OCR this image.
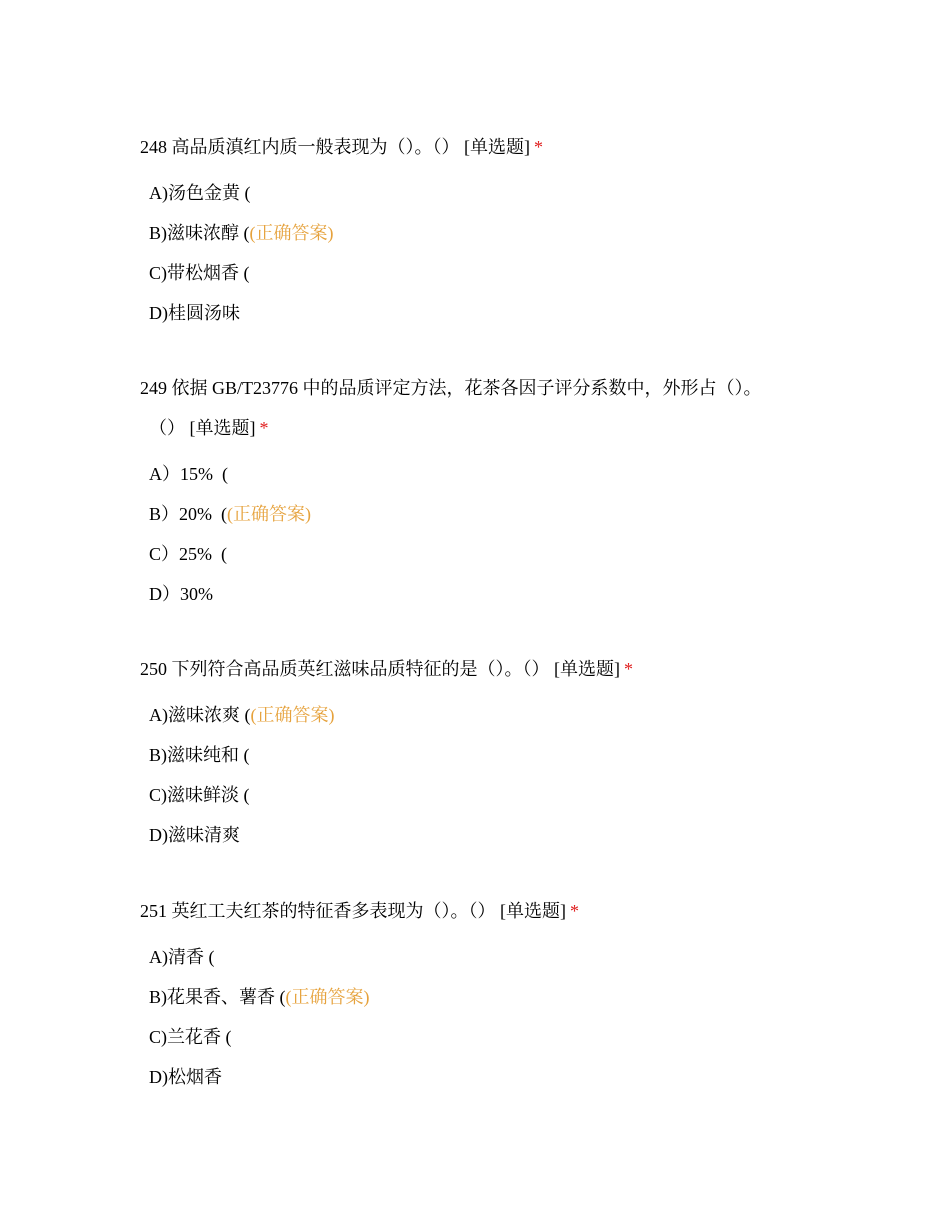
248 高品质滇红内质一般表现为（）。（） [单选题] *

A)汤色金黄 (
B)滋味浓醇 ((正确答案)
C)带松烟香 (
D)桂圆汤味

249 依据 GB/T23776 中的品质评定方法，花茶各因子评分系数中，外形占（）。
（） [单选题] *

A）15%  (
B）20%  ((正确答案)
C）25%  (
D）30%

250 下列符合高品质英红滋味品质特征的是（）。（） [单选题] *

A)滋味浓爽 ((正确答案)
B)滋味纯和 (
C)滋味鲜淡 (
D)滋味清爽

251 英红工夫红茶的特征香多表现为（）。（） [单选题] *

A)清香 (
B)花果香、薯香 ((正确答案)
C)兰花香 (
D)松烟香
